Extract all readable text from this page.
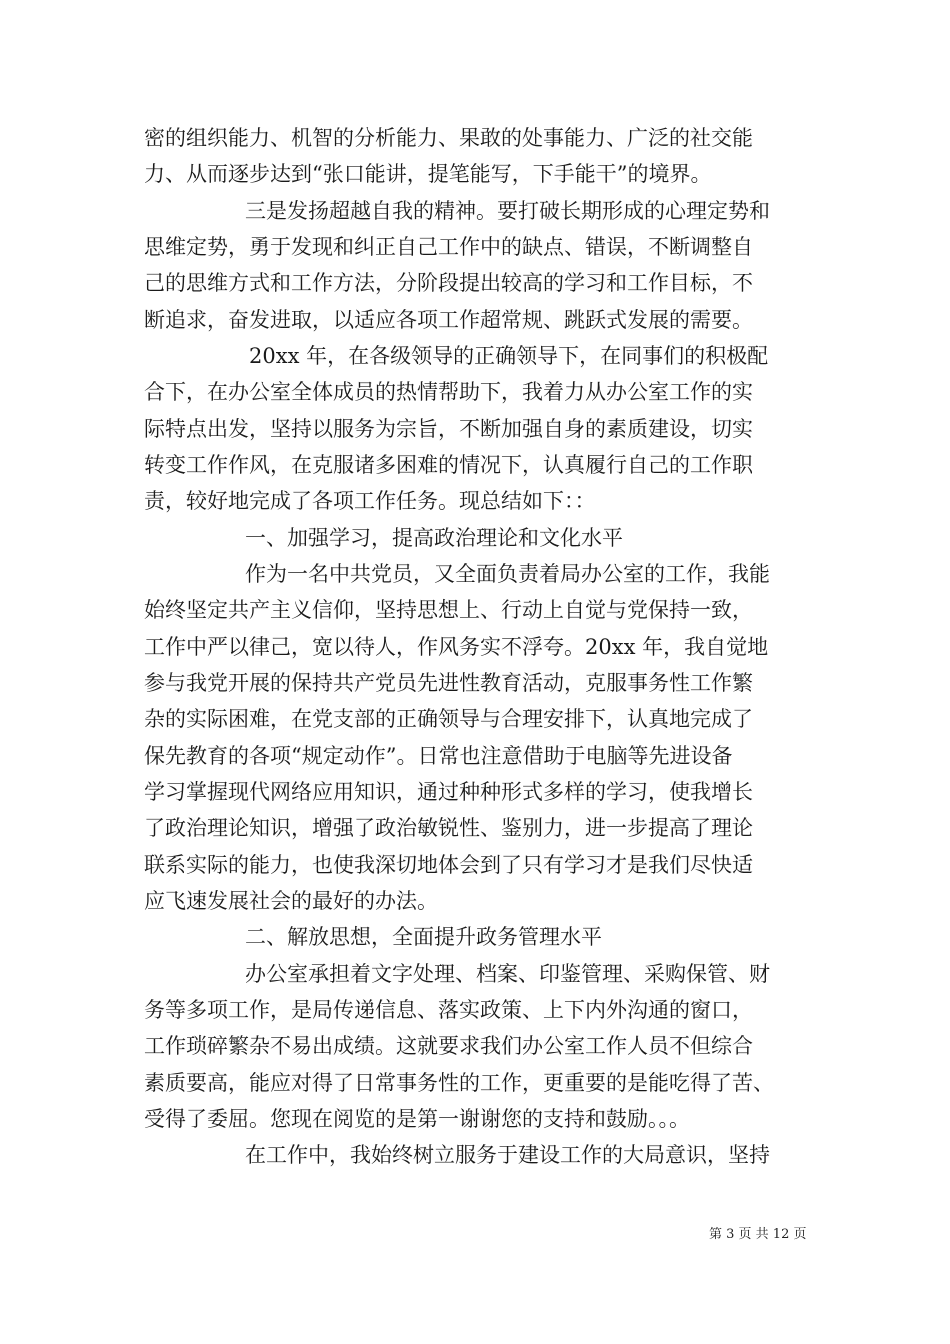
密的组织能力、机智的分析能力、果敢的处事能力、广泛的社交能
力、从而逐步达到“张口能讲，提笔能写，下手能干”的境界。
三是发扬超越自我的精神。要打破长期形成的心理定势和
思维定势，勇于发现和纠正自己工作中的缺点、错误，不断调整自
己的思维方式和工作方法，分阶段提出较高的学习和工作目标，不
断追求，奋发进取，以适应各项工作超常规、跳跃式发展的需要。
20xx 年，在各级领导的正确领导下，在同事们的积极配
合下，在办公室全体成员的热情帮助下，我着力从办公室工作的实
际特点出发，坚持以服务为宗旨，不断加强自身的素质建设，切实
转变工作作风，在克服诸多困难的情况下，认真履行自己的工作职
责，较好地完成了各项工作任务。现总结如下：：
一、加强学习，提高政治理论和文化水平
作为一名中共党员，又全面负责着局办公室的工作，我能
始终坚定共产主义信仰，坚持思想上、行动上自觉与党保持一致，
工作中严以律己，宽以待人，作风务实不浮夸。20xx 年，我自觉地
参与我党开展的保持共产党员先进性教育活动，克服事务性工作繁
杂的实际困难，在党支部的正确领导与合理安排下，认真地完成了
保先教育的各项“规定动作”。日常也注意借助于电脑等先进设备
学习掌握现代网络应用知识，通过种种形式多样的学习，使我增长
了政治理论知识，增强了政治敏锐性、鉴别力，进一步提高了理论
联系实际的能力，也使我深切地体会到了只有学习才是我们尽快适
应飞速发展社会的最好的办法。
二、解放思想，全面提升政务管理水平
办公室承担着文字处理、档案、印鉴管理、采购保管、财
务等多项工作，是局传递信息、落实政策、上下内外沟通的窗口，
工作琐碎繁杂不易出成绩。这就要求我们办公室工作人员不但综合
素质要高，能应对得了日常事务性的工作，更重要的是能吃得了苦、
受得了委屈。您现在阅览的是第一谢谢您的支持和鼓励。。。
在工作中，我始终树立服务于建设工作的大局意识，坚持
第 3 页 共 12 页
